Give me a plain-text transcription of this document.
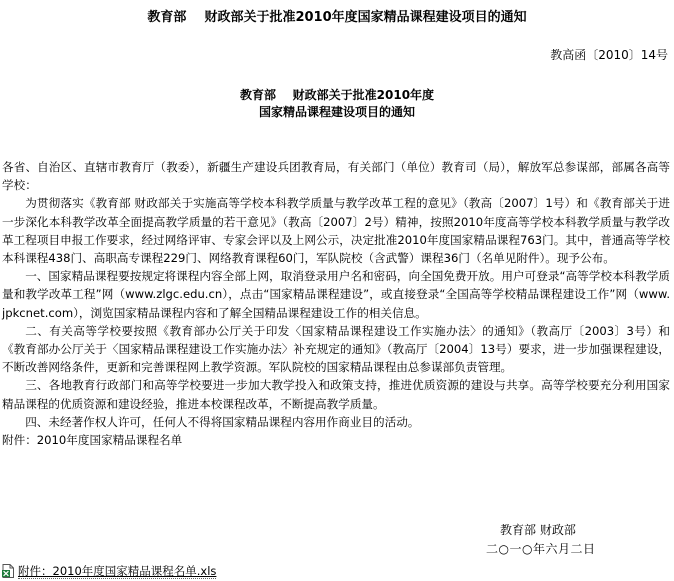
教育部    财政部关于批准2010年度国家精品课程建设项目的通知
教高函〔2010〕14号
教育部    财政部关于批准2010年度
国家精品课程建设项目的通知

各省、自治区、直辖市教育厅（教委），新疆生产建设兵团教育局，有关部门（单位）教育司（局），解放军总参谋部，部属各高等学校：

为贯彻落实《教育部 财政部关于实施高等学校本科教学质量与教学改革工程的意见》（教高〔2007〕1号）和《教育部关于进一步深化本科教学改革全面提高教学质量的若干意见》（教高〔2007〕2号）精神，按照2010年度高等学校本科教学质量与教学改革工程项目申报工作要求，经过网络评审、专家会评以及上网公示，决定批准2010年度国家精品课程763门。其中，普通高等学校本科课程438门、高职高专课程229门、网络教育课程60门，军队院校（含武警）课程36门（名单见附件）。现予公布。

一、国家精品课程要按规定将课程内容全部上网，取消登录用户名和密码，向全国免费开放。用户可登录“高等学校本科教学质量和教学改革工程”网（www.zlgc.edu.cn），点击“国家精品课程建设”，或直接登录“全国高等学校精品课程建设工作”网（www. jpkcnet.com），浏览国家精品课程内容和了解全国精品课程建设工作的相关信息。

二、有关高等学校要按照《教育部办公厅关于印发〈国家精品课程建设工作实施办法〉的通知》（教高厅〔2003〕3号）和《教育部办公厅关于〈国家精品课程建设工作实施办法〉补充规定的通知》（教高厅〔2004〕13号）要求，进一步加强课程建设，不断改善网络条件，更新和完善课程网上教学资源。军队院校的国家精品课程由总参谋部负责管理。

三、各地教育行政部门和高等学校要进一步加大教学投入和政策支持，推进优质资源的建设与共享。高等学校要充分利用国家精品课程的优质资源和建设经验，推进本校课程改革，不断提高教学质量。

四、未经著作权人许可，任何人不得将国家精品课程内容用作商业目的活动。

附件：2010年度国家精品课程名单

教育部 财政部
二○一○年六月二日
附件：2010年度国家精品课程名单.xls
